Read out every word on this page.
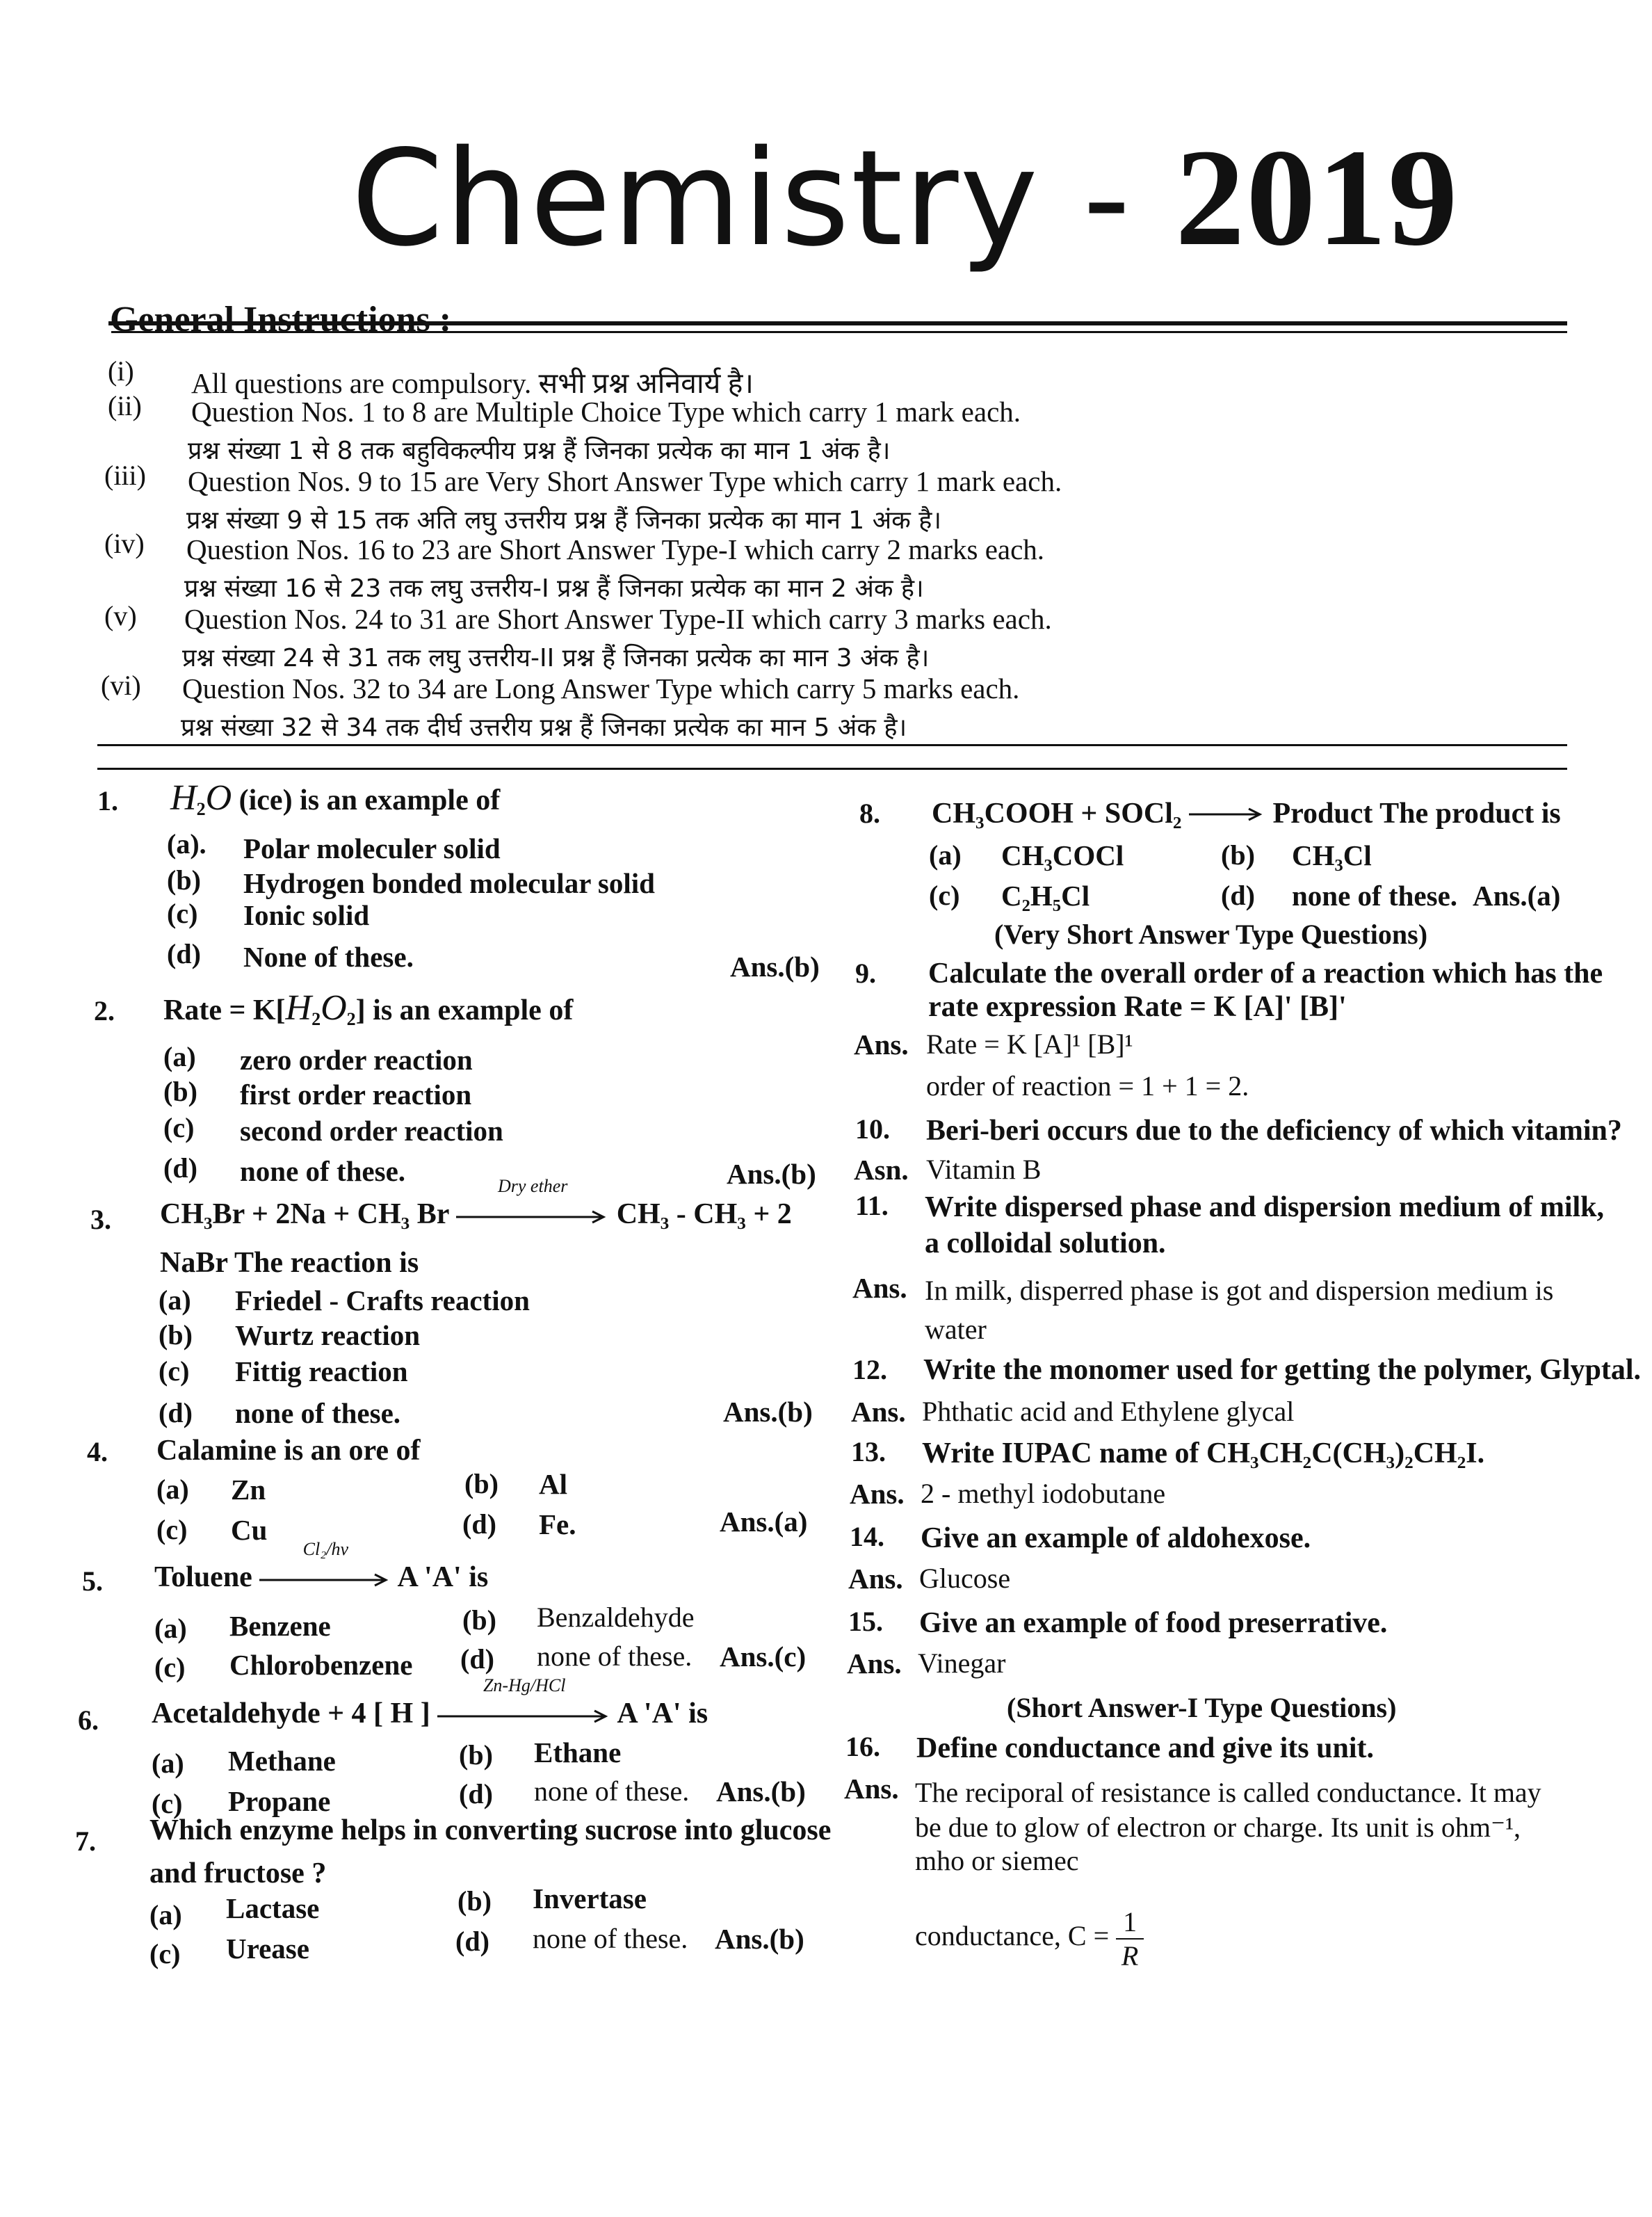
Chemistry - 2019
General Instructions :
(i) All questions are compulsory. सभी प्रश्न अनिवार्य है।
(ii) Question Nos. 1 to 8 are Multiple Choice Type which carry 1 mark each.
प्रश्न संख्या 1 से 8 तक बहुविकल्पीय प्रश्न हैं जिनका प्रत्येक का मान 1 अंक है।
(iii) Question Nos. 9 to 15 are Very Short Answer Type which carry 1 mark each.
प्रश्न संख्या 9 से 15 तक अति लघु उत्तरीय प्रश्न हैं जिनका प्रत्येक का मान 1 अंक है।
(iv) Question Nos. 16 to 23 are Short Answer Type-I which carry 2 marks each.
प्रश्न संख्या 16 से 23 तक लघु उत्तरीय-I प्रश्न हैं जिनका प्रत्येक का मान 2 अंक है।
(v) Question Nos. 24 to 31 are Short Answer Type-II which carry 3 marks each.
प्रश्न संख्या 24 से 31 तक लघु उत्तरीय-II प्रश्न हैं जिनका प्रत्येक का मान 3 अंक है।
(vi) Question Nos. 32 to 34 are Long Answer Type which carry 5 marks each.
प्रश्न संख्या 32 से 34 तक दीर्घ उत्तरीय प्रश्न हैं जिनका प्रत्येक का मान 5 अंक है।
1. $H_2O$ (ice) is an example of
(a). Polar moleculer solid
(b) Hydrogen bonded molecular solid
(c) Ionic solid
(d) None of these.	Ans.(b)
2. Rate = $K[H_2O_2]$ is an example of
(a) zero order reaction
(b) first order reaction
(c) second order reaction
(d) none of these.	Ans.(b)
3. CH₃Br + 2Na + CH₃ Br
Dry ether
CH₃ - CH₃ + 2
NaBr The reaction is
(a) Friedel - Crafts reaction
(b) Wurtz reaction
(c) Fittig reaction
(d) none of these.	Ans.(b)
4. Calamine is an ore of
(a) Zn	(b) Al
(c) Cu	(d) Fe.	Ans.(a)
5. Toluene
Cl₂/hv
A 'A' is
(a) Benzene	(b) Benzaldehyde
(c) Chlorobenzene (d) none of these. Ans.(c)
6. Acetaldehyde + 4 [ H ]
Zn-Hg/HCl
A 'A' is
(a) Methane	(b) Ethane
(c) Propane	(d) none of these. Ans.(b)
7. Which enzyme helps in converting sucrose into glucose
and fructose ?
(a) Lactase	(b) Invertase
(c) Urease	(d) none of these. Ans.(b)
8. CH₃COOH + SOCl₂	Product The product is
(a) CH₃COCl	(b) CH₃Cl
(c) C₂H₅Cl	(d) none of these. Ans.(a)
(Very Short Answer Type Questions)
9. Calculate the overall order of a reaction which has the
rate expression Rate = K [A]' [B]'
Ans. Rate = K [A]¹ [B]¹
order of reaction = 1 + 1 = 2.
10. Beri-beri occurs due to the deficiency of which vitamin?
Asn. Vitamin B
11. Write dispersed phase and dispersion medium of milk,
a colloidal solution.
Ans. In milk, disperred phase is got and dispersion medium is
water
12. Write the monomer used for getting the polymer, Glyptal.
Ans. Phthatic acid and Ethylene glycal
13. Write IUPAC name of CH₃CH₂C(CH₃)₂CH₂I.
Ans. 2 - methyl iodobutane
14. Give an example of aldohexose.
Ans. Glucose
15. Give an example of food preserrative.
Ans. Vinegar
(Short Answer-I Type Questions)
16. Define conductance and give its unit.
Ans. The reciporal of resistance is called conductance. It may
be due to glow of electron or charge. Its unit is ohm⁻¹,
mho or siemec
conductance, $C = \frac{1}{R}$
